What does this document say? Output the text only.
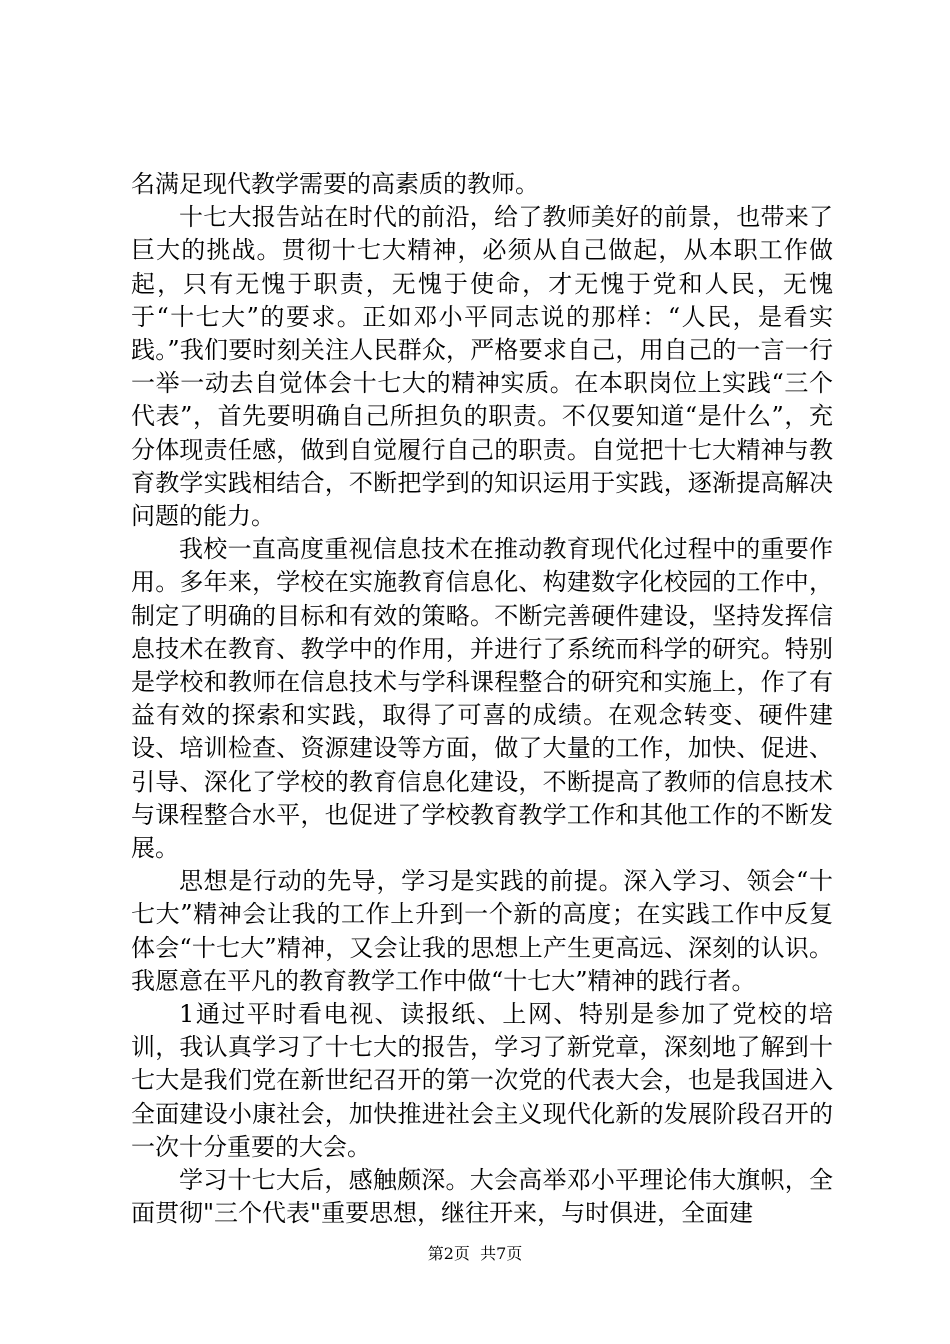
名满足现代教学需要的高素质的教师。

十七大报告站在时代的前沿，给了教师美好的前景，也带来了巨大的挑战。贯彻十七大精神，必须从自己做起，从本职工作做起，只有无愧于职责，无愧于使命，才无愧于党和人民，无愧于“十七大”的要求。正如邓小平同志说的那样：“人民，是看实践。”我们要时刻关注人民群众，严格要求自己，用自己的一言一行一举一动去自觉体会十七大的精神实质。在本职岗位上实践“三个代表”，首先要明确自己所担负的职责。不仅要知道“是什么”，充分体现责任感，做到自觉履行自己的职责。自觉把十七大精神与教育教学实践相结合，不断把学到的知识运用于实践，逐渐提高解决问题的能力。

我校一直高度重视信息技术在推动教育现代化过程中的重要作用。多年来，学校在实施教育信息化、构建数字化校园的工作中，制定了明确的目标和有效的策略。不断完善硬件建设，坚持发挥信息技术在教育、教学中的作用，并进行了系统而科学的研究。特别是学校和教师在信息技术与学科课程整合的研究和实施上，作了有益有效的探索和实践，取得了可喜的成绩。在观念转变、硬件建设、培训检查、资源建设等方面，做了大量的工作，加快、促进、引导、深化了学校的教育信息化建设，不断提高了教师的信息技术与课程整合水平，也促进了学校教育教学工作和其他工作的不断发展。

思想是行动的先导，学习是实践的前提。深入学习、领会“十七大”精神会让我的工作上升到一个新的高度；在实践工作中反复体会“十七大”精神，又会让我的思想上产生更高远、深刻的认识。我愿意在平凡的教育教学工作中做“十七大”精神的践行者。

1通过平时看电视、读报纸、上网、特别是参加了党校的培训，我认真学习了十七大的报告，学习了新党章，深刻地了解到十七大是我们党在新世纪召开的第一次党的代表大会，也是我国进入全面建设小康社会，加快推进社会主义现代化新的发展阶段召开的一次十分重要的大会。

学习十七大后，感触颇深。大会高举邓小平理论伟大旗帜，全面贯彻"三个代表"重要思想，继往开来，与时俱进，全面建

第2页  共7页
